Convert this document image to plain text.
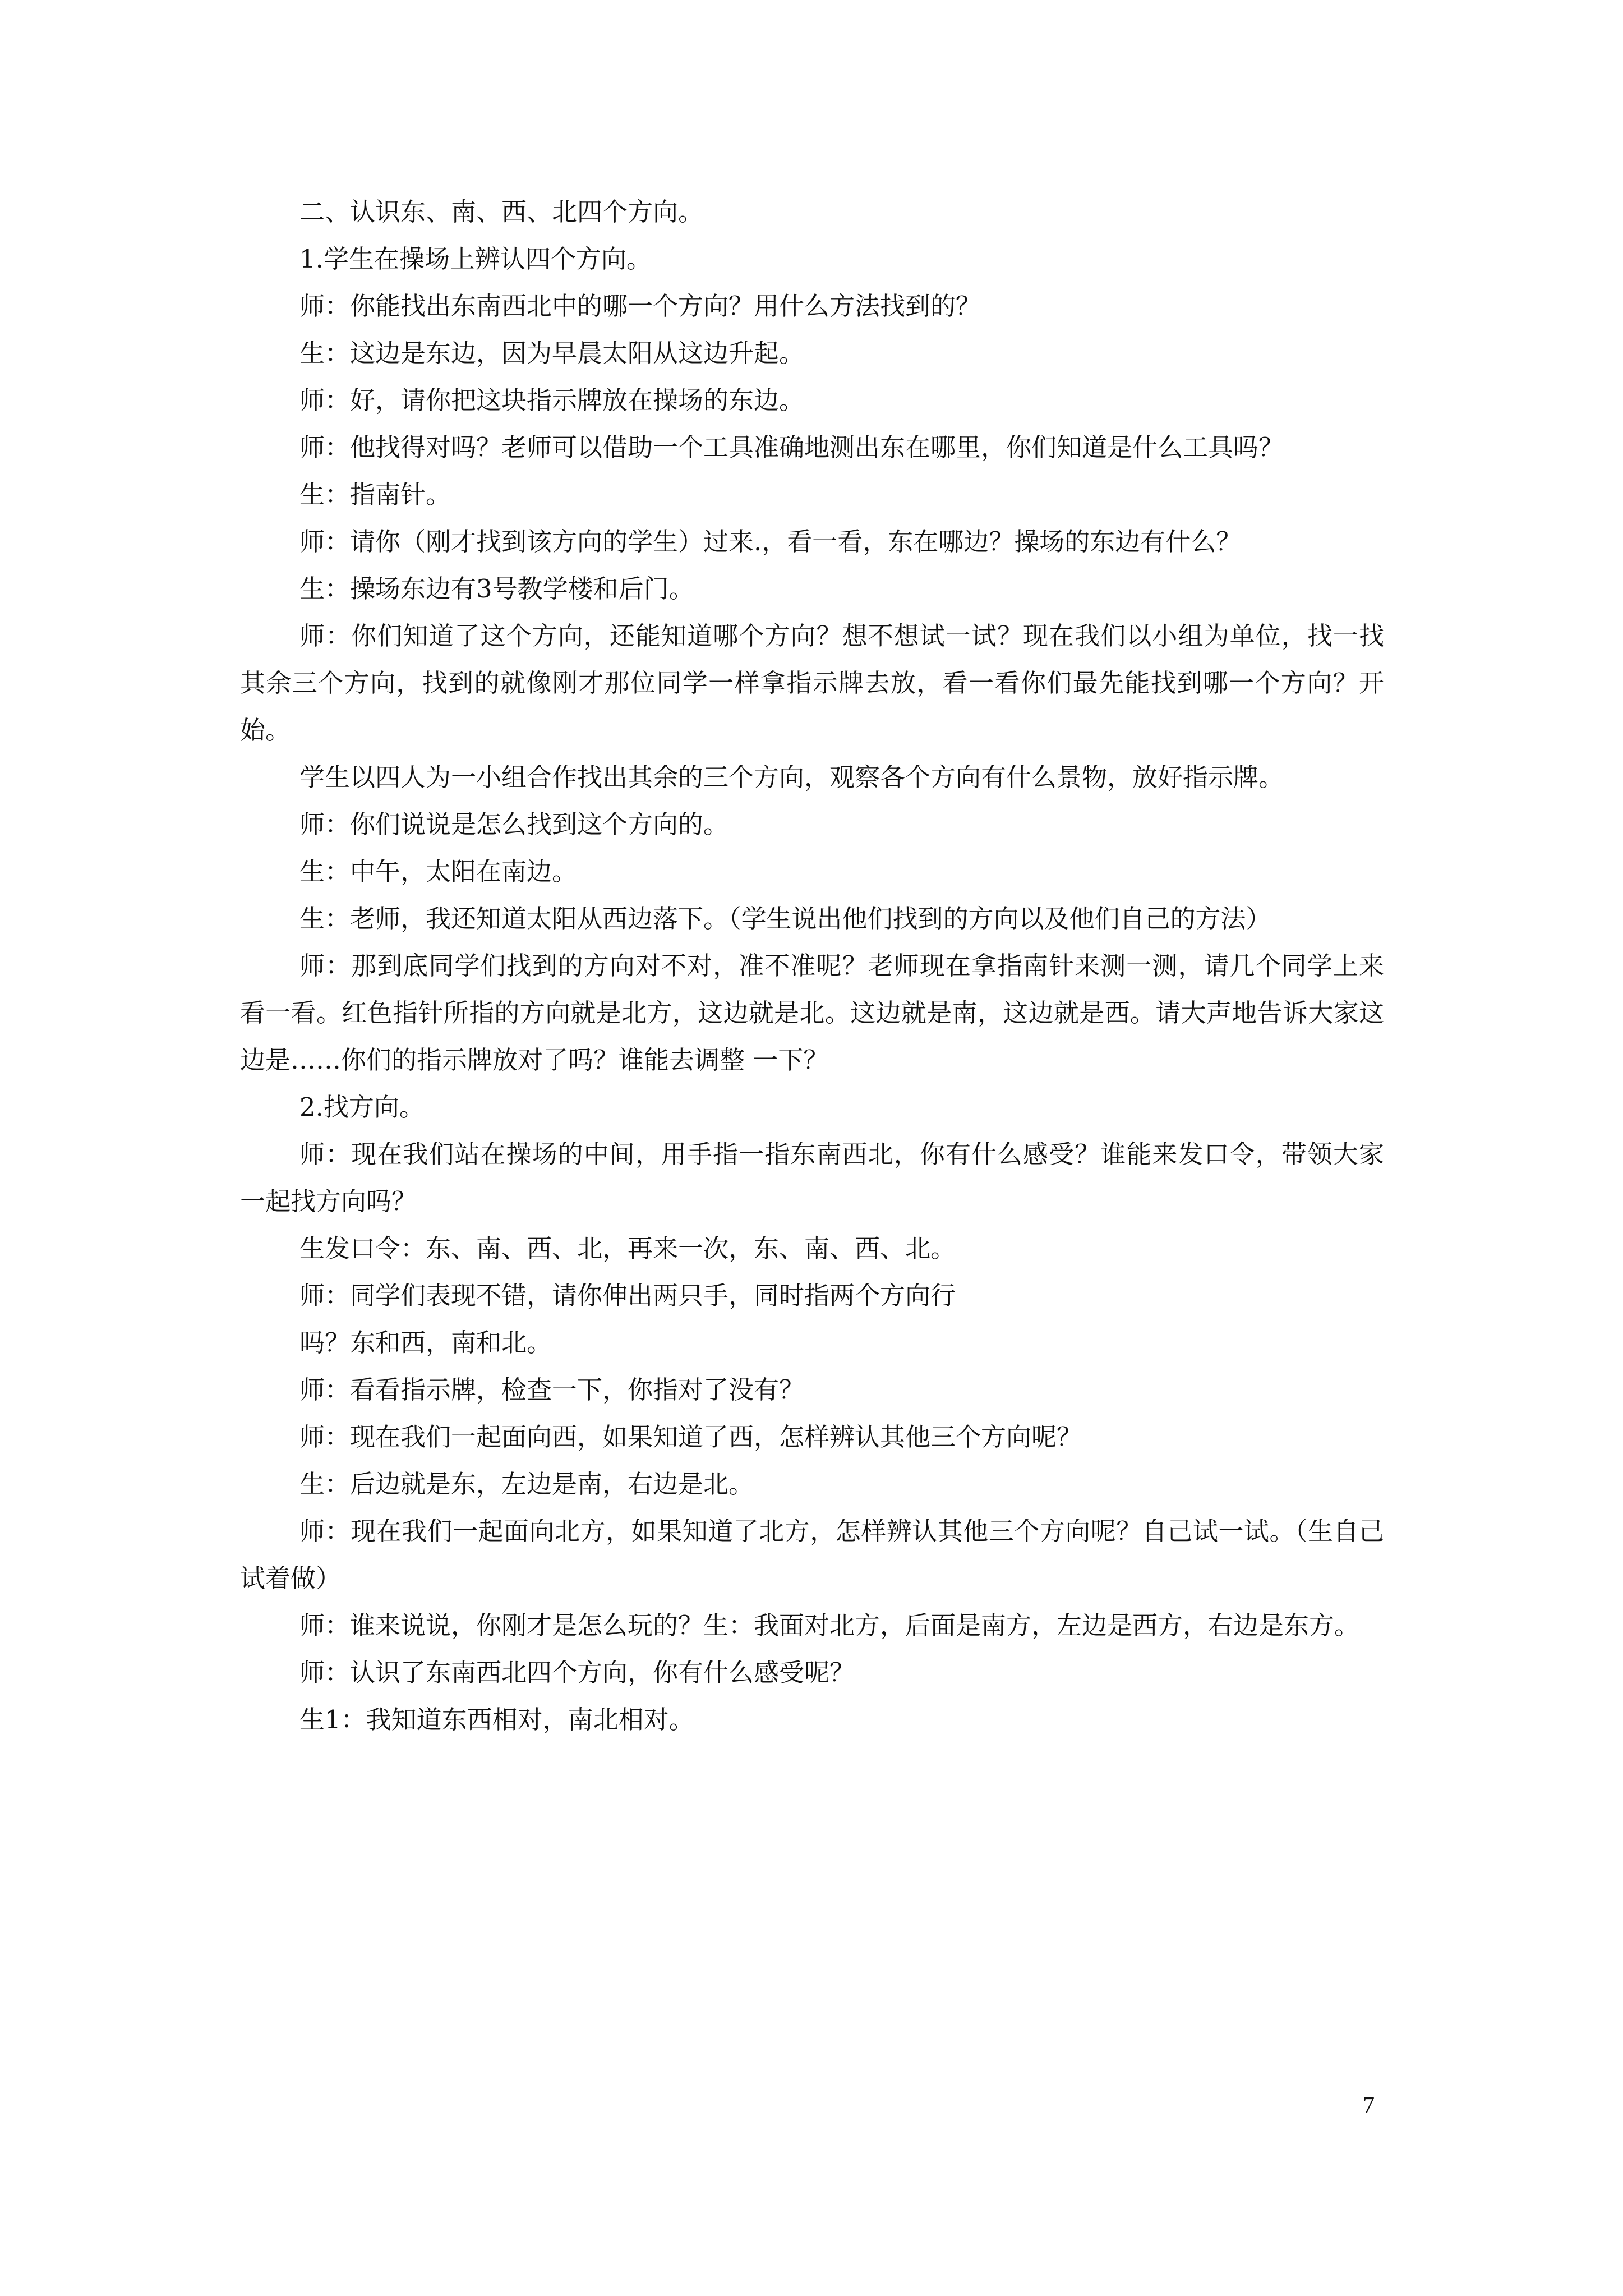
二、认识东、南、西、北四个方向。

1.学生在操场上辨认四个方向。

师：你能找出东南西北中的哪一个方向？用什么方法找到的？

生：这边是东边，因为早晨太阳从这边升起。

师：好，请你把这块指示牌放在操场的东边。

师：他找得对吗？老师可以借助一个工具准确地测出东在哪里，你们知道是什么工具吗？

生：指南针。

师：请你（刚才找到该方向的学生）过来.，看一看，东在哪边？操场的东边有什么？

生：操场东边有3号教学楼和后门。

师：你们知道了这个方向，还能知道哪个方向？想不想试一试？现在我们以小组为单位，找一找其余三个方向，找到的就像刚才那位同学一样拿指示牌去放，看一看你们最先能找到哪一个方向？开始。

学生以四人为一小组合作找出其余的三个方向，观察各个方向有什么景物，放好指示牌。

师：你们说说是怎么找到这个方向的。

生：中午，太阳在南边。

生：老师，我还知道太阳从西边落下。（学生说出他们找到的方向以及他们自己的方法）

师：那到底同学们找到的方向对不对，准不准呢？老师现在拿指南针来测一测，请几个同学上来看一看。红色指针所指的方向就是北方，这边就是北。这边就是南，这边就是西。请大声地告诉大家这边是……你们的指示牌放对了吗？谁能去调整 一下？

2.找方向。

师：现在我们站在操场的中间，用手指一指东南西北，你有什么感受？谁能来发口令，带领大家一起找方向吗？

生发口令：东、南、西、北，再来一次，东、南、西、北。

师：同学们表现不错，请你伸出两只手，同时指两个方向行

吗？东和西，南和北。

师：看看指示牌，检查一下，你指对了没有？

师：现在我们一起面向西，如果知道了西，怎样辨认其他三个方向呢？

生：后边就是东，左边是南，右边是北。

师：现在我们一起面向北方，如果知道了北方，怎样辨认其他三个方向呢？自己试一试。（生自己试着做）

师：谁来说说，你刚才是怎么玩的？生：我面对北方，后面是南方，左边是西方，右边是东方。

师：认识了东南西北四个方向，你有什么感受呢？

生1：我知道东西相对，南北相对。

7
